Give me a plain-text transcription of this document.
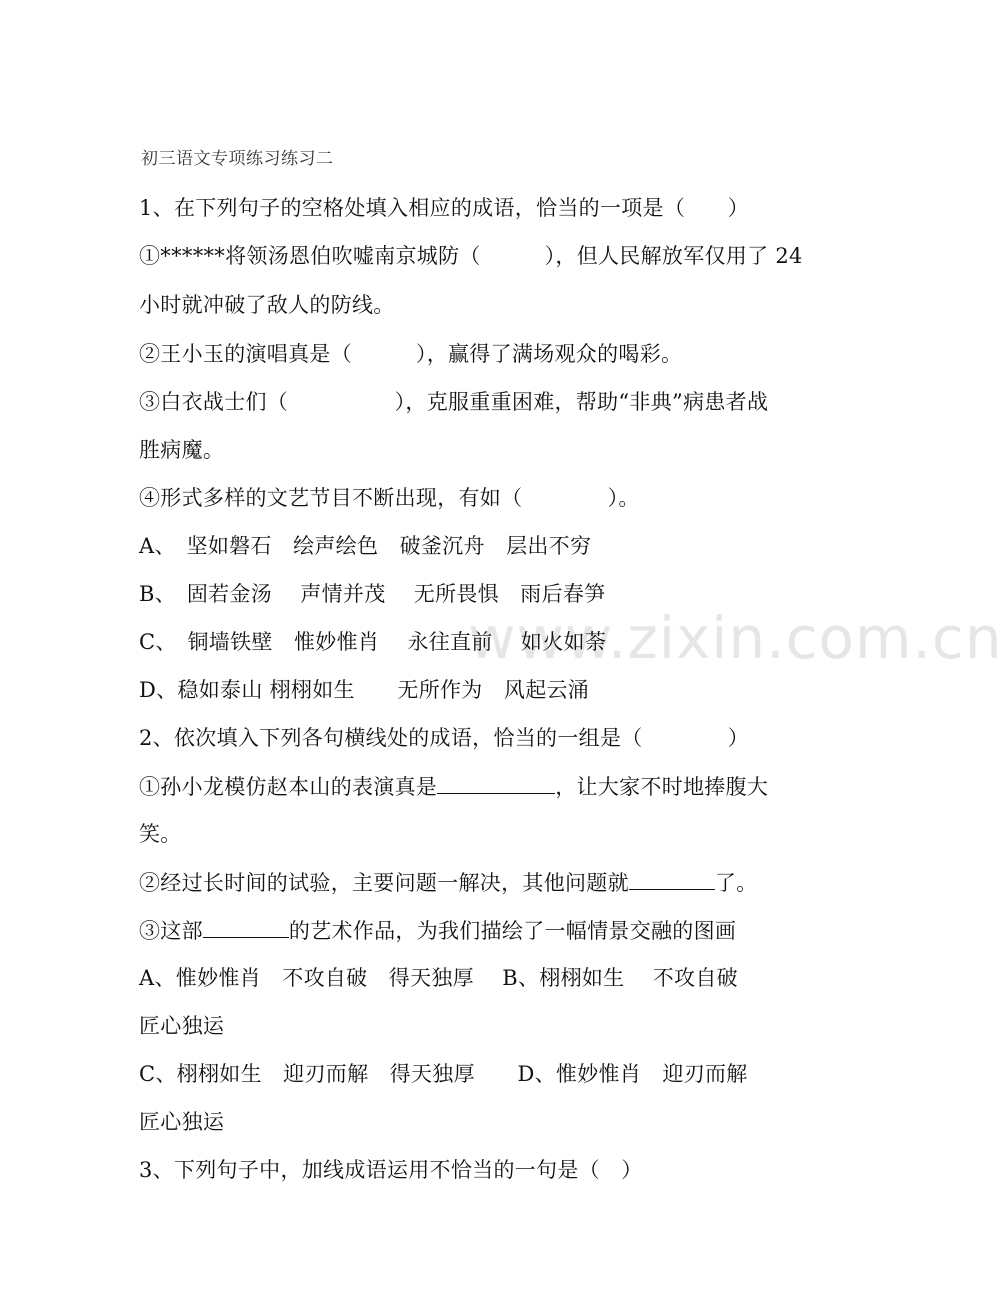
www.zixin.com.cn
初三语文专项练习练习二
1、在下列句子的空格处填入相应的成语，恰当的一项是（　　）
①******将领汤恩伯吹嘘南京城防（　　　），但人民解放军仅用了 24
小时就冲破了敌人的防线。
②王小玉的演唱真是（　　　），赢得了满场观众的喝彩。
③白衣战士们（　　　　　），克服重重困难，帮助“非典”病患者战
胜病魔。
④形式多样的文艺节目不断出现，有如（　　　　）。
A、　坚如磐石　绘声绘色　破釜沉舟　层出不穷
B、　固若金汤　 声情并茂 　无所畏惧　雨后春笋
C、　铜墙铁壁　惟妙惟肖　 永往直前　 如火如荼
D、稳如泰山 栩栩如生　　无所作为　风起云涌
2、依次填入下列各句横线处的成语，恰当的一组是（　　　　）
①孙小龙模仿赵本山的表演真是	，让大家不时地捧腹大
笑。
②经过长时间的试验，主要问题一解决，其他问题就	了。
③这部	的艺术作品，为我们描绘了一幅情景交融的图画
A、惟妙惟肖　不攻自破　得天独厚　 B、栩栩如生　 不攻自破
匠心独运
C、栩栩如生　迎刃而解　得天独厚　　D、惟妙惟肖　迎刃而解
匠心独运
3、下列句子中，加线成语运用不恰当的一句是（　）
